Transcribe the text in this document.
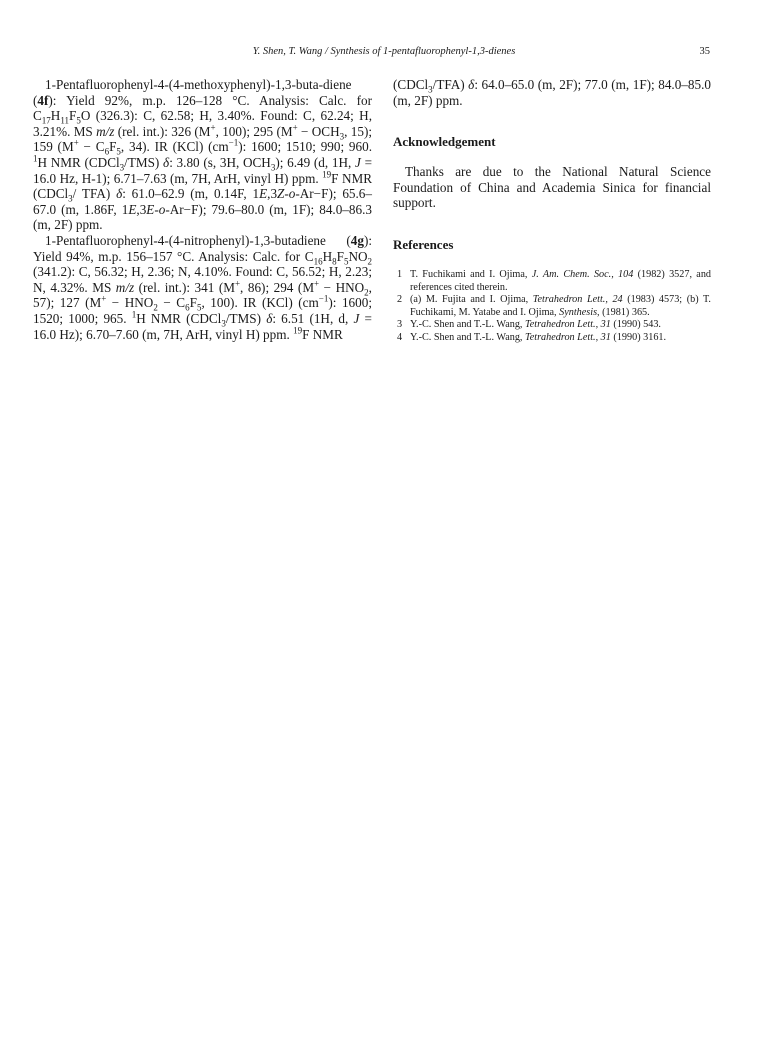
Y. Shen, T. Wang / Synthesis of 1-pentafluorophenyl-1,3-dienes	35

1-Pentafluorophenyl-4-(4-methoxyphenyl)-1,3-buta-diene (4f): Yield 92%, m.p. 126–128 °C. Analysis: Calc. for $C_{17}H_{11}F_5O$ (326.3): C, 62.58; H, 3.40%. Found: C, 62.24; H, 3.21%. MS m/z (rel. int.): 326 (M+, 100); 295 ($M^+ - OCH_3$, 15); 159 ($M^+ - C_6F_5$, 34). IR (KCl) $(cm^{-1})$: 1600; 1510; 990; 960. $^1$H NMR (CDCl$_3$/TMS) δ: 3.80 (s, 3H, $OCH_3$); 6.49 (d, 1H, J = 16.0 Hz, H-1); 6.71–7.63 (m, 7H, ArH, vinyl H) ppm. $^{19}$F NMR (CDCl$_3$/ TFA) δ: 61.0–62.9 (m, 0.14F, 1E,3Z-o-Ar−F); 65.6–67.0 (m, 1.86F, 1E,3E-o-Ar−F); 79.6–80.0 (m, 1F); 84.0–86.3 (m, 2F) ppm.

1-Pentafluorophenyl-4-(4-nitrophenyl)-1,3-butadiene (4g): Yield 94%, m.p. 156–157 °C. Analysis: Calc. for $C_{16}H_8F_5NO_2$ (341.2): C, 56.32; H, 2.36; N, 4.10%. Found: C, 56.52; H, 2.23; N, 4.32%. MS m/z (rel. int.): 341 (M+, 86); 294 ($M^+ - HNO_2$, 57); 127 ($M^+ - HNO_2 - C_6F_5$, 100). IR (KCl) $(cm^{-1})$: 1600; 1520; 1000; 965. $^1$H NMR (CDCl$_3$/TMS) δ: 6.51 (1H, d, J = 16.0 Hz); 6.70–7.60 (m, 7H, ArH, vinyl H) ppm. $^{19}$F NMR

(CDCl$_3$/TFA) δ: 64.0–65.0 (m, 2F); 77.0 (m, 1F); 84.0–85.0 (m, 2F) ppm.

Acknowledgement

Thanks are due to the National Natural Science Foundation of China and Academia Sinica for financial support.

References

1 T. Fuchikami and I. Ojima, J. Am. Chem. Soc., 104 (1982) 3527, and references cited therein.
2 (a) M. Fujita and I. Ojima, Tetrahedron Lett., 24 (1983) 4573; (b) T. Fuchikami, M. Yatabe and I. Ojima, Synthesis, (1981) 365.
3 Y.-C. Shen and T.-L. Wang, Tetrahedron Lett., 31 (1990) 543.
4 Y.-C. Shen and T.-L. Wang, Tetrahedron Lett., 31 (1990) 3161.
